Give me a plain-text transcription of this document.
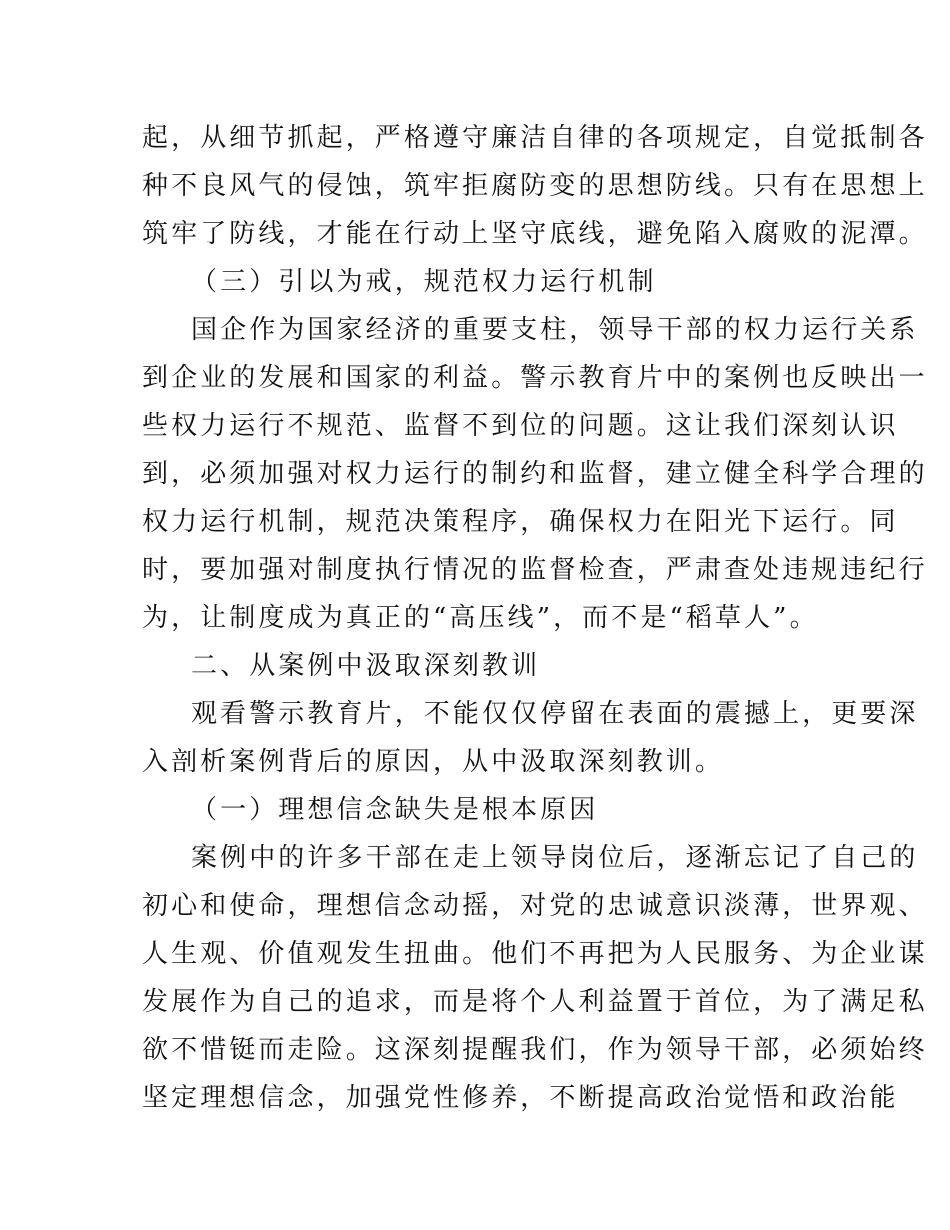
起，从细节抓起，严格遵守廉洁自律的各项规定，自觉抵制各
种不良风气的侵蚀，筑牢拒腐防变的思想防线。只有在思想上
筑牢了防线，才能在行动上坚守底线，避免陷入腐败的泥潭。
（三）引以为戒，规范权力运行机制
国企作为国家经济的重要支柱，领导干部的权力运行关系
到企业的发展和国家的利益。警示教育片中的案例也反映出一
些权力运行不规范、监督不到位的问题。这让我们深刻认识
到，必须加强对权力运行的制约和监督，建立健全科学合理的
权力运行机制，规范决策程序，确保权力在阳光下运行。同
时，要加强对制度执行情况的监督检查，严肃查处违规违纪行
为，让制度成为真正的“高压线”，而不是“稻草人”。
二、从案例中汲取深刻教训
观看警示教育片，不能仅仅停留在表面的震撼上，更要深
入剖析案例背后的原因，从中汲取深刻教训。
（一）理想信念缺失是根本原因
案例中的许多干部在走上领导岗位后，逐渐忘记了自己的
初心和使命，理想信念动摇，对党的忠诚意识淡薄，世界观、
人生观、价值观发生扭曲。他们不再把为人民服务、为企业谋
发展作为自己的追求，而是将个人利益置于首位，为了满足私
欲不惜铤而走险。这深刻提醒我们，作为领导干部，必须始终
坚定理想信念，加强党性修养，不断提高政治觉悟和政治能
